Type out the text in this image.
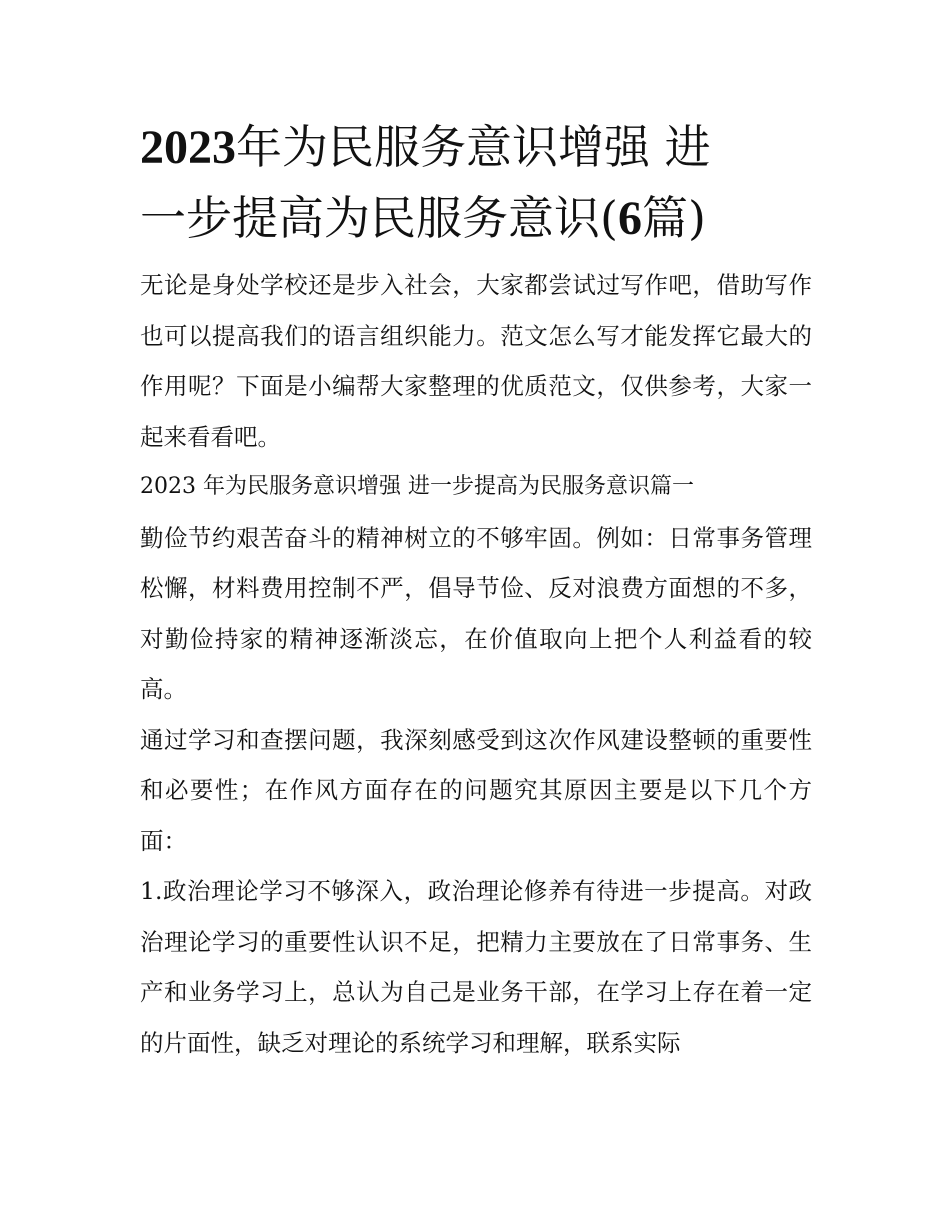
2023年为民服务意识增强 进
一步提高为民服务意识(6篇)

无论是身处学校还是步入社会，大家都尝试过写作吧，借助写作也可以提高我们的语言组织能力。范文怎么写才能发挥它最大的作用呢？下面是小编帮大家整理的优质范文，仅供参考，大家一起来看看吧。

2023 年为民服务意识增强 进一步提高为民服务意识篇一

勤俭节约艰苦奋斗的精神树立的不够牢固。例如：日常事务管理松懈，材料费用控制不严，倡导节俭、反对浪费方面想的不多，对勤俭持家的精神逐渐淡忘，在价值取向上把个人利益看的较高。

通过学习和查摆问题，我深刻感受到这次作风建设整顿的重要性和必要性；在作风方面存在的问题究其原因主要是以下几个方面：

1.政治理论学习不够深入，政治理论修养有待进一步提高。对政治理论学习的重要性认识不足，把精力主要放在了日常事务、生产和业务学习上，总认为自己是业务干部，在学习上存在着一定的片面性，缺乏对理论的系统学习和理解，联系实际
